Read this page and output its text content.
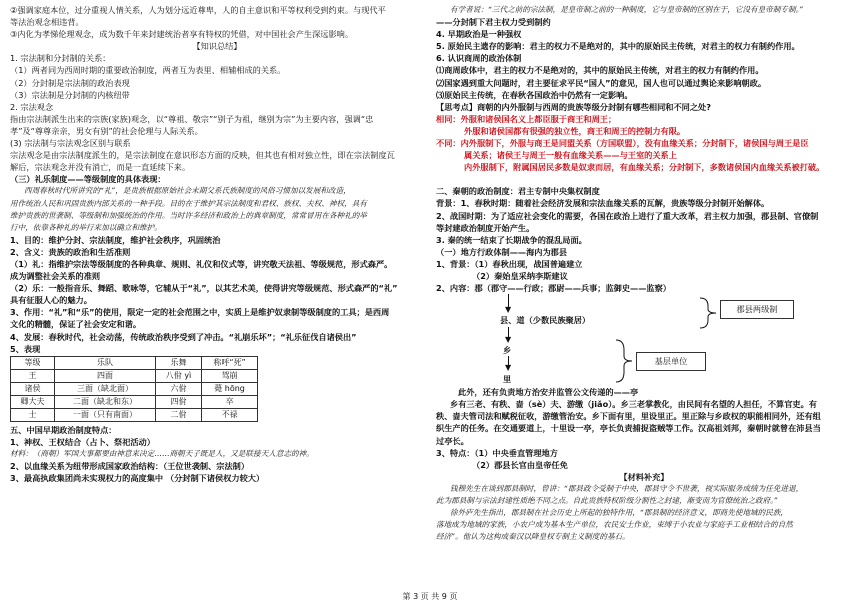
②强调家庭本位，过分重视人情关系，人为划分远近尊卑，人的自主意识和平等权利受到约束。与现代平
等法治观念相违背。
③内化为孝悌伦理观念，成为数千年来封建统治者享有特权的凭借，对中国社会产生深远影响。
【知识总结】
1. 宗法制和分封制的关系：
（1）两者同为西周时期的重要政治制度，两者互为表里、相辅相成的关系。
（2）分封制是宗法制的政治表现
（3）宗法制是分封制的内核纽带
2. 宗法观念
指由宗法制派生出来的宗族(家族)观念，以“尊祖、敬宗”“别子为祖，继别为宗”为主要内容，强调“忠
孝”及“尊尊亲亲，男女有别”的社会伦理与人际关系。
(3) 宗法制与宗法观念区别与联系
宗法观念是由宗法制度派生的，是宗法制度在意识形态方面的反映，但其也有相对独立性，即在宗法制度瓦
解后，宗法观念并没有消亡，而是一直延续下来。
（三）礼乐制度——等级制度的具体表现：
西周春秋时代所讲究的“礼”，是贵族根据原始社会末期父系氏族制度的风俗习惯加以发展和改造，
用作统治人民和巩固贵族内部关系的一种手段。目的在于维护其宗法制度和君权、族权、夫权、神权，具有
维护贵族的世袭制、等级制和加强统治的作用。当时许多经济和政治上的典章制度，常常冒用在各种礼的举
行中，依靠各种礼的举行来加以确立和维护。
1、目的：维护分封、宗法制度，维护社会秩序，巩固统治
2、含义：贵族的政治和生活准则
（1）礼：指维护宗法等级制度的各种典章、规则、礼仪和仪式等，讲究敬天法祖、等级规范，形式森严。
成为调整社会关系的准则
（2）乐：一般指音乐、舞蹈、歌咏等，它辅从于“礼”，以其艺术美，使得讲究等级规范、形式森严的“礼”
具有征服人心的魅力。
3、作用：“礼”和“乐”的使用，限定一定的社会范围之中，实质上是维护奴隶制等级制度的工具；是西周
文化的精髓，保证了社会安定和谐。
4、发展：春秋时代，社会动荡，传统政治秩序受到了冲击。“礼崩乐坏”；“礼乐征伐自诸侯出”
5、表现
等级	乐队	乐舞	称呼“死”
王	四面	八佾 yì	驾崩
诸侯	三面（缺北面）	六佾	薨 hōng
卿大夫	二面（缺北和东）	四佾	卒
士	一面（只有南面）	二佾	不禄
五、中国早期政治制度特点：
1、神权、王权结合（占卜、祭祀活动）
材料：（商朝）军国大事都要由神意来决定……商朝天子既是人，又是联接天人意志的神。
2、以血缘关系为纽带形成国家政治结构：（王位世袭制、宗法制）
3、最高执政集团尚未实现权力的高度集中 （分封制下诸侯权力较大）
有学者说：“三代之前的宗法制，是皇帝制之前的一种制度，它与皇帝制的区别在于，它没有皇帝制专制。”
——分封制下君主权力受到制约
4. 早期政治是一种强权
5. 原始民主遗存的影响：君主的权力不是绝对的，其中的原始民主传统，对君主的权力有制约作用。
6. 认识商周的政治体制
⑴商周政体中，君主的权力不是绝对的，其中的原始民主传统，对君主的权力有制约作用。
⑵国家遇到重大问题时，君主要征求平民“国人”的意见，国人也可以通过舆论来影响朝政。
⑶原始民主传统，在春秋各国政治中仍然有一定影响。
【思考点】商朝的内外服制与西周的贵族等级分封制有哪些相同和不同之处?
相同：外服和诸侯国名义上都臣服于商王和周王；
外服和诸侯国都有很强的独立性，商王和周王的控制力有限。
不同：内外服制下，外服与商王是同盟关系（方国联盟），没有血缘关系；分封制下，诸侯国与周王是臣
属关系；诸侯王与周王一般有血缘关系——与王室的关系上
内外服制下，附属国居民多数是奴隶而居，有血缘关系；分封制下，多数诸侯国内血缘关系被打破。
二、秦朝的政治制度：君主专制中央集权制度
背景：1、春秋时期：随着社会经济发展和宗法血缘关系的瓦解，贵族等级分封制开始解体。
2、战国时期：为了适应社会变化的需要，各国在政治上进行了重大改革，君主权力加强，郡县制、官僚制
等封建政治制度开始产生。
3. 秦的统一结束了长期战争的混乱局面。
（一）地方行政体制——海内为郡县
1、背景：（1）春秋出现，战国普遍建立
（2）秦始皇采纳李斯建议
2、内容：郡（郡守——行政；郡尉——兵事；监御史——监察）
▼
县、道（少数民族聚居）
▼
乡
▼
里
郡县两级制
基层单位
此外，还有负责地方治安并监管公文传递的——亭
乡有三老、有秩、啬（sè）夫、游缴（jiǎo）。乡三老掌教化，由民间有名望的人担任，不算官吏。有
秩、啬夫管司法和赋税征收，游缴管治安。乡下面有里，里设里正。里正除与乡政权的职能相同外，还有组
织生产的任务。在交通要道上，十里设一亭，亭长负责捕捉盗贼等工作。汉高祖刘邦，秦朝时就曾在沛县当
过亭长。
3、特点：（1）中央垂直管理地方
（2）郡县长官由皇帝任免
【材料补充】
钱穆先生在谈到郡县制时，曾讲：“郡县政令受制于中央，郡县守令不世袭，视实际服务成绩为任免进退，
此为郡县制与宗法封建性质绝不同之点。自此贵族特权阶级分割性之封建，渐变而为官僚统治之政府。”
徐外庐先生指出，郡县制在社会历史上所起的独特作用，“郡县制的经济意义，即商先使地域的民族，
落地成为地域的家族，小农户成为基本生产单位，农民安土作业，束缚于小农业与家庭手工业相结合的自然
经济”。他认为这构成秦汉以降皇权专制主义制度的基石。
第 3 页 共 9 页
